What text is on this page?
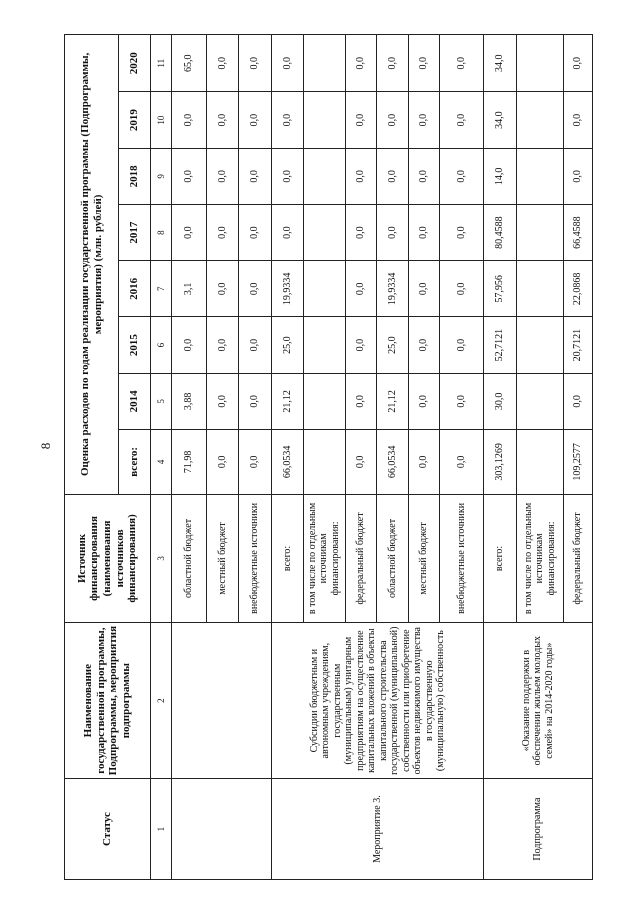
8
Статус	Наименование государственной программы, Подпрограммы, мероприятия подпрограммы	Источник финансирования (наименования источников финансирования)	Оценка расходов по годам реализации государственной программы (Подпрограммы, мероприятия) (млн. рублей)							
			всего:	2014	2015	2016	2017	2018	2019	2020
1	2	3	4	5	6	7	8	9	10	11
		областной бюджет	71,98	3,88	0,0	3,1	0,0	0,0	0,0	65,0
		местный бюджет	0,0	0,0	0,0	0,0	0,0	0,0	0,0	0,0
		внебюджетные источники	0,0	0,0	0,0	0,0	0,0	0,0	0,0	0,0
Мероприятие 3.	Субсидии бюджетным и автономным учреждениям, государственным (муниципальным) унитарным предприятиям на осуществление капитальных вложений в объекты капитального строительства государственной (муниципальной) собственности или приобретение объектов недвижимого имущества в государственную (муниципальную) собственность	всего:	66,0534	21,12	25,0	19,9334	0,0	0,0	0,0	0,0
		в том числе по отдельным источникам финансирования:								
		федеральный бюджет	0,0	0,0	0,0	0,0	0,0	0,0	0,0	0,0
		областной бюджет	66,0534	21,12	25,0	19,9334	0,0	0,0	0,0	0,0
		местный бюджет	0,0	0,0	0,0	0,0	0,0	0,0	0,0	0,0
		внебюджетные источники	0,0	0,0	0,0	0,0	0,0	0,0	0,0	0,0
Подпрограмма	«Оказание поддержки в обеспечении жильем молодых семей» на 2014-2020 годы»	всего:	303,1269	30,0	52,7121	57,956	80,4588	14,0	34,0	34,0
		в том числе по отдельным источникам финансирования:								
		федеральный бюджет	109,2577	0,0	20,7121	22,0868	66,4588	0,0	0,0	0,0
